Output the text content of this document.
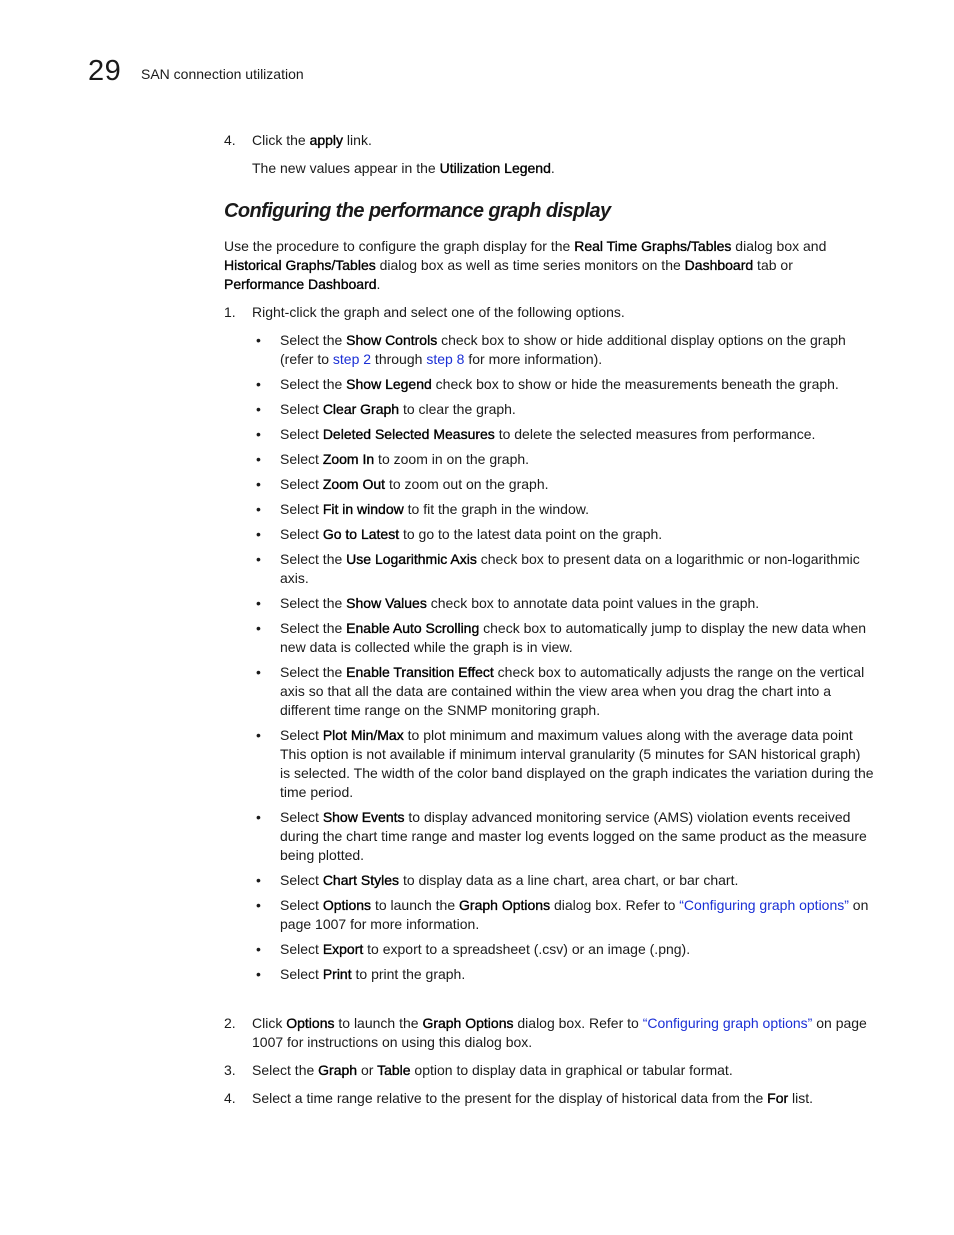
29 SAN connection utilization

4. Click the apply link.

The new values appear in the Utilization Legend.

Configuring the performance graph display

Use the procedure to configure the graph display for the Real Time Graphs/Tables dialog box and Historical Graphs/Tables dialog box as well as time series monitors on the Dashboard tab or Performance Dashboard.

1. Right-click the graph and select one of the following options.

• Select the Show Controls check box to show or hide additional display options on the graph (refer to step 2 through step 8 for more information).
• Select the Show Legend check box to show or hide the measurements beneath the graph.
• Select Clear Graph to clear the graph.
• Select Deleted Selected Measures to delete the selected measures from performance.
• Select Zoom In to zoom in on the graph.
• Select Zoom Out to zoom out on the graph.
• Select Fit in window to fit the graph in the window.
• Select Go to Latest to go to the latest data point on the graph.
• Select the Use Logarithmic Axis check box to present data on a logarithmic or non-logarithmic axis.
• Select the Show Values check box to annotate data point values in the graph.
• Select the Enable Auto Scrolling check box to automatically jump to display the new data when new data is collected while the graph is in view.
• Select the Enable Transition Effect check box to automatically adjusts the range on the vertical axis so that all the data are contained within the view area when you drag the chart into a different time range on the SNMP monitoring graph.
• Select Plot Min/Max to plot minimum and maximum values along with the average data point This option is not available if minimum interval granularity (5 minutes for SAN historical graph) is selected. The width of the color band displayed on the graph indicates the variation during the time period.
• Select Show Events to display advanced monitoring service (AMS) violation events received during the chart time range and master log events logged on the same product as the measure being plotted.
• Select Chart Styles to display data as a line chart, area chart, or bar chart.
• Select Options to launch the Graph Options dialog box. Refer to “Configuring graph options” on page 1007 for more information.
• Select Export to export to a spreadsheet (.csv) or an image (.png).
• Select Print to print the graph.

2. Click Options to launch the Graph Options dialog box. Refer to “Configuring graph options” on page 1007 for instructions on using this dialog box.

3. Select the Graph or Table option to display data in graphical or tabular format.

4. Select a time range relative to the present for the display of historical data from the For list.
